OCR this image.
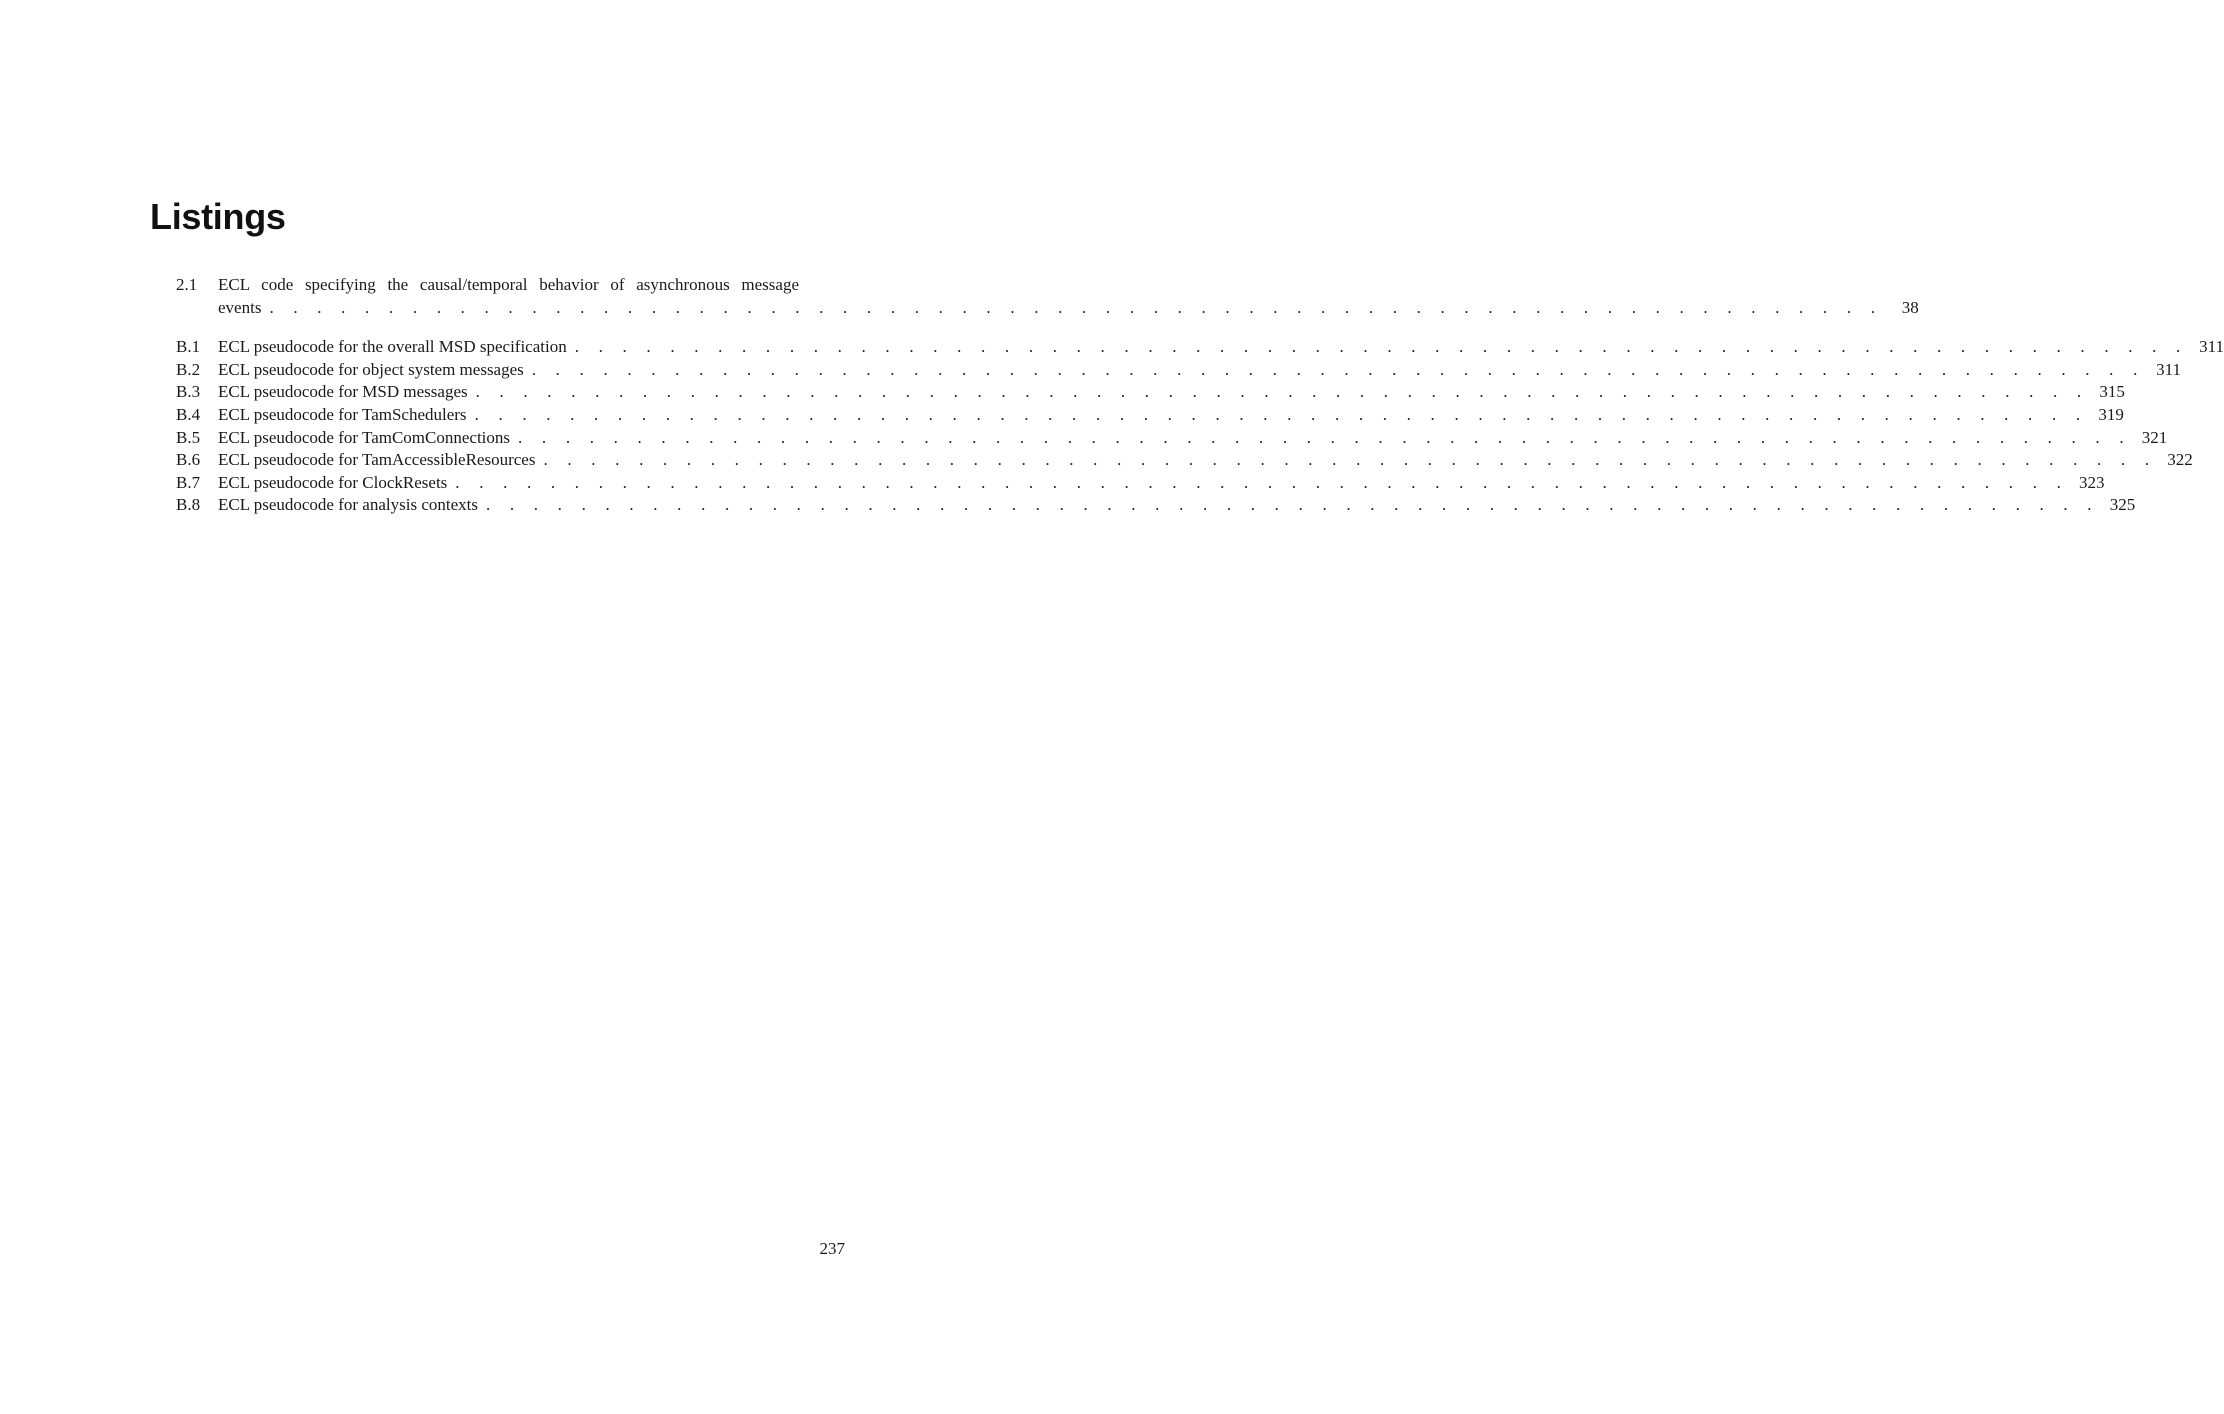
Listings
2.1	ECL code specifying the causal/temporal behavior of asynchronous message
events . . . . . . . . . . . . . . . . . . . . . . . . . . . . . . . . . . . . . . . . . . . . . . . . . . . . . . . . . . . . . . . . . . . .	38
B.1	ECL pseudocode for the overall MSD specification . . . . . . . . . . . . . . . . . . . . . . . . . . . . . . . . . . . . . . . . . . . . . . . . . . . . . . . . . . . . . . . . . . . . 311
B.2	ECL pseudocode for object system messages . . . . . . . . . . . . . . . . . . . . . . . . . . . . . . . . . . . . . . . . . . . . . . . . . . . . . . . . . . . . . . . . . . . . 311
B.3	ECL pseudocode for MSD messages . . . . . . . . . . . . . . . . . . . . . . . . . . . . . . . . . . . . . . . . . . . . . . . . . . . . . . . . . . . . . . . . . . . . 315
B.4	ECL pseudocode for TamSchedulers . . . . . . . . . . . . . . . . . . . . . . . . . . . . . . . . . . . . . . . . . . . . . . . . . . . . . . . . . . . . . . . . . . . . 319
B.5	ECL pseudocode for TamComConnections . . . . . . . . . . . . . . . . . . . . . . . . . . . . . . . . . . . . . . . . . . . . . . . . . . . . . . . . . . . . . . . . . . . . 321
B.6	ECL pseudocode for TamAccessibleResources . . . . . . . . . . . . . . . . . . . . . . . . . . . . . . . . . . . . . . . . . . . . . . . . . . . . . . . . . . . . . . . . . . . . 322
B.7	ECL pseudocode for ClockResets . . . . . . . . . . . . . . . . . . . . . . . . . . . . . . . . . . . . . . . . . . . . . . . . . . . . . . . . . . . . . . . . . . . . 323
B.8	ECL pseudocode for analysis contexts . . . . . . . . . . . . . . . . . . . . . . . . . . . . . . . . . . . . . . . . . . . . . . . . . . . . . . . . . . . . . . . . . . . . 325
237
